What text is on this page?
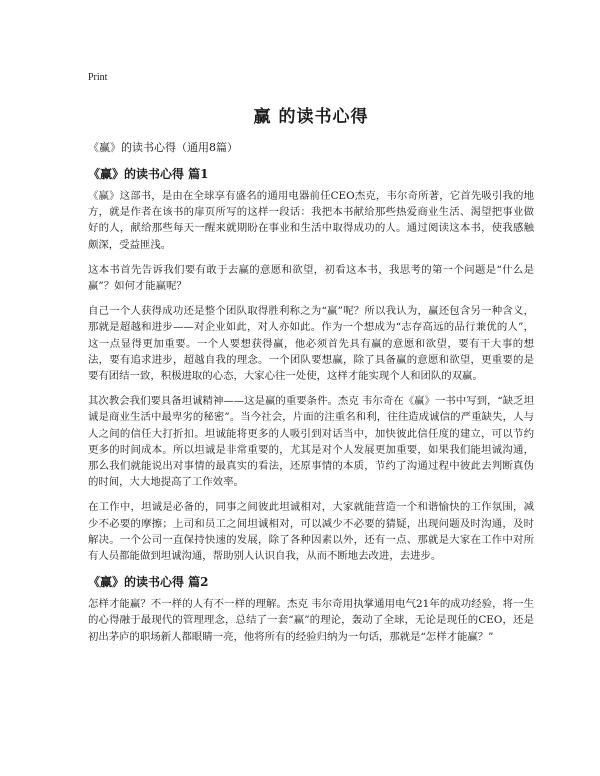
Print
赢 的读书心得
《赢》的读书心得（通用8篇）
《赢》的读书心得 篇1

《赢》这部书，是由在全球享有盛名的通用电器前任CEO杰克，韦尔奇所著，它首先吸引我的地方，就是作者在该书的扉页所写的这样一段话：我把本书献给那些热爱商业生活、渴望把事业做好的人，献给那些每天一醒来就期盼在事业和生活中取得成功的人。通过阅读这本书，使我感触颇深，受益匪浅。

这本书首先告诉我们要有敢于去赢的意愿和欲望，初看这本书，我思考的第一个问题是“什么是赢”？如何才能赢呢？

自己一个人获得成功还是整个团队取得胜利称之为“赢”呢？所以我认为，赢还包含另一种含义，那就是超越和进步——对企业如此，对人亦如此。作为一个想成为“志存高远的品行兼优的人”，这一点显得更加重要。一个人要想获得赢，他必须首先具有赢的意愿和欲望，要有干大事的想法，要有追求进步，超越自我的理念。一个团队要想赢，除了具备赢的意愿和欲望，更重要的是要有团结一致，积极进取的心态，大家心往一处使，这样才能实现个人和团队的双赢。

其次教会我们要具备坦诚精神——这是赢的重要条件。杰克 韦尔奇在《赢》一书中写到，“缺乏坦诚是商业生活中最卑劣的秘密”。当今社会，片面的注重名和利，往往造成诚信的严重缺失，人与人之间的信任大打折扣。坦诚能将更多的人吸引到对话当中，加快彼此信任度的建立，可以节约更多的时间成本。所以坦诚是非常重要的，尤其是对个人发展更加重要，如果我们能坦诚沟通，那么我们就能说出对事情的最真实的看法，还原事情的本质，节约了沟通过程中彼此去判断真伪的时间，大大地提高了工作效率。

在工作中，坦诚是必备的，同事之间彼此坦诚相对，大家就能营造一个和谐愉快的工作氛围，减少不必要的摩擦；上司和员工之间坦诚相对，可以减少不必要的猜疑，出现问题及时沟通，及时解决。一个公司一直保持快速的发展，除了各种因素以外，还有一点、那就是大家在工作中对所有人员都能做到坦诚沟通，帮助别人认识自我，从而不断地去改进，去进步。

《赢》的读书心得 篇2

怎样才能赢？不一样的人有不一样的理解。杰克 韦尔奇用执掌通用电气21年的成功经验，将一生的心得融于最现代的管理理念，总结了一套“赢”的理论，轰动了全球，无论是现任的CEO，还是初出茅庐的职场新人都眼睛一亮，他将所有的经验归纳为一句话，那就是“怎样才能赢？”
